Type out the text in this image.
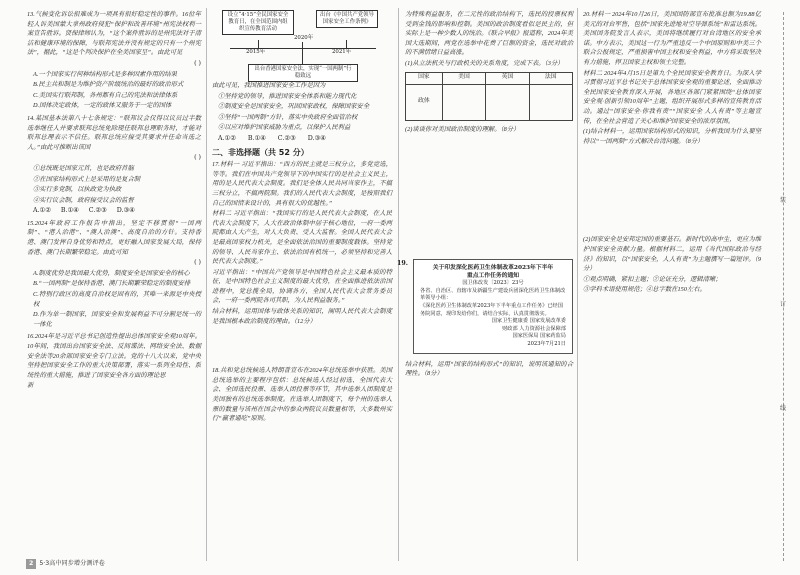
13.气候变化诉讼很难成为一项具有很好稳定性的事件。16位年轻人诉美国蒙大拿州政府侵犯“保护和改善环境”州宪法权利一案宣告胜诉。贤保律师认为，“这个案件胜诉的是州宪法对于清洁和健康环境的保障，与联邦宪法并没有规定的只有一个州宪法”，据此，“这是个判决保护在全美国家呈”。由此可见

( )

A.一个国家实行何种结构形式是多种因素作用的结果

B.民主共和制是为维护资产阶级统治的最好的政治形式

C.美国实行联邦制，各州都有自己的宪法和法律体系

D.国体决定政体，一定的政体又服务于一定的国体

14.某国基本法第八十七条规定：“联邦议会仅得以议员过半数选举继任人并要求联邦总统免除现任联邦总理职务时，才能对联邦总理表示不信任。联邦总统应接受其要求并任命当选之人。”由此可推断出该国

( )

①总统既是国家元首，也是政府首脑

②在国家结构形式上是采用的是复合制

③实行多党制，以执政党为执政

④实行议会制，政府接受议会的监督

A.①② B.①④ C.②③ D.③④

15.2024年政府工作报告中指出，坚定不移贯彻“一国两制”、“港人治港”、“澳人治澳”、高度自治的方针。支持香港、澳门发挥自身优势和特点，更好融入国家发展大局，保持香港、澳门长期繁荣稳定。由此可知

( )

A.制度优势是我国最大优势，制度安全是国家安全的核心

B.“一国两制”是保持香港、澳门长期繁荣稳定的制度安排

C.特别行政区的高度自治权是固有的，其唯一来源是中央授权

D.作为单一制国家，国家安全和发展利益不可分割是统一的一体化

16.2024年是习近平总书记创造性提出总体国家安全观10周年。10年间，我国出台国家安全法、反间谍法、网络安全法、数据安全法等20余部国家安全专门立法。党的十八大以来，党中央坚持把国家安全工作的重大决策部署，落实一系列全局性、系统性的重大措施，推进了国家安全各方面的理论思

新

设立“4·15”全民国家安全教育日，在全国范围内组织宣传教育活动
出台《中国共产党领导国家安全工作条例》
2015年	2021年
2020年
出台香港国家安全法，实现“一国两制”行稳致远

由此可见，我国推进国家安全工作是因为

①坚持党的领导，推进国家安全体系和能力现代化

②制度安全是国家安全，巩固国家政权，保障国家安全

③坚持“一国两制”方针，落实中央政府全面管治权

④以应对维护国家威胁为重点，以保护人民利益

A.①② B.①④ C.②③ D.③④

二、非选择题（共 52 分）

17.材料一 习近平指出：“西方的民主就是三权分立，多党竞选，等等。我们在中国共产党领导下的中国实行的是社会主义民主，用的是人民代表大会制度。我们是全体人民共同当家作主，不搞三权分立，不搞两院制。我们的人民代表大会制度，是按照我们自己的国情来设计的，具有很大的优越性。”

材料二 习近平指出：“我国实行的是人民代表大会制度，在人民代表大会制度下，人大在政治体制中居于核心地位，一府一委两院都由人大产生，对人大负责、受人大监督。全国人民代表大会是最高国家权力机关，是全面依法治国的重要制度载体。坚持党的领导、人民当家作主、依法治国有机统一，必须坚持和完善人民代表大会制度。”

习近平指出：“中国共产党领导是中国特色社会主义最本质的特征，是中国特色社会主义制度的最大优势，在全面推进依法治国进程中，党总揽全局，协调各方，全国人民代表大会常务委员会，一府一委两院各司其职，为人民利益服务。”

结合材料，运用国体与政体关系的知识，阐明人民代表大会制度是我国根本政治制度的理由。（12分）

18.共和党总统候选人特朗普宣布在2024年总统选举中获胜。美国总统选举的主要程序包括：总统候选人经过初选、全国代表大会、全国选民投票、选举人团投票等环节，其中选举人团制度是美国独有的总统选举制度。在选举人团制度下，每个州的选举人票的数量与该州在国会中的参众两院议员数量相等，大多数州实行“赢者通吃”原则。

为特殊利益服务，在二元性的政治结构下，选民的投票权利受到金钱的影响和控制。美国的政治制度看似是民主的，但实际上是一种少数人的统治。《联合早报》报道称，2024年美国大选期间，两党在选举中花费了巨额的资金，选民对政治的不满情绪日益高涨。

(1)从立法机关与行政机关的关系角度，完成下表。（3分）

国家	美国	英国	法国
政体			

(2)谈谈你对美国政治制度的理解。（8分）

19.
关于印发深化医药卫生体制改革2023年下半年
重点工作任务的通知
国卫体改发〔2023〕23号
各省、自治区、直辖市及新疆生产建设兵团深化医药卫生体制改革领导小组：
《深化医药卫生体制改革2023年下半年重点工作任务》已经国务院同意，现印发给你们，请结合实际，认真贯彻落实。
国家卫生健康委 国家发展改革委
财政部 人力资源社会保障部
国家医保局 国家药监局
2023年7月21日

结合材料，运用“国家的结构形式”的知识，说明该通知的合理性。（8分）

20.材料一 2024年10月26日，美国国防部宣布批准总额为19.88亿美元的对台军售，包括“国家先进地对空导弹系统”和雷达系统。美国国务院发言人表示，美国将继续履行对台湾地区的安全承诺。中方表示，美国这一行为严重违反一个中国原则和中美三个联合公报规定，严重损害中国主权和安全利益，中方将采取坚决有力措施，捍卫国家主权和领土完整。

材料二 2024年4月15日是第九个全民国家安全教育日。为深入学习贯彻习近平总书记关于总体国家安全观的重要论述，全面推动全民国家安全教育深入开展，各地区各部门紧紧围绕“总体国家安全观·创新引领10周年”主题，组织开展形式多样的宣传教育活动。通过“国家安全·你我有责”“国家安全 人人有责”等主题宣传，在全社会营造了关心和维护国家安全的浓厚氛围。

(1)结合材料一，运用国家结构形式的知识，分析我国为什么要坚持以“一国两制”方式解决台湾问题。（8分）

(2)国家安全是安邦定国的重要基石。新时代的高中生，更应为维护国家安全贡献力量。根据材料二，运用《当代国际政治与经济》的知识，以“国家安全，人人有责”为主题撰写一篇短评。（9分）

①观点明确，紧扣主题；②论证充分，逻辑清晰；

③学科术语使用规范；④总字数在150左右。

装
订
线
2 5·3高中同步增分测评卷
